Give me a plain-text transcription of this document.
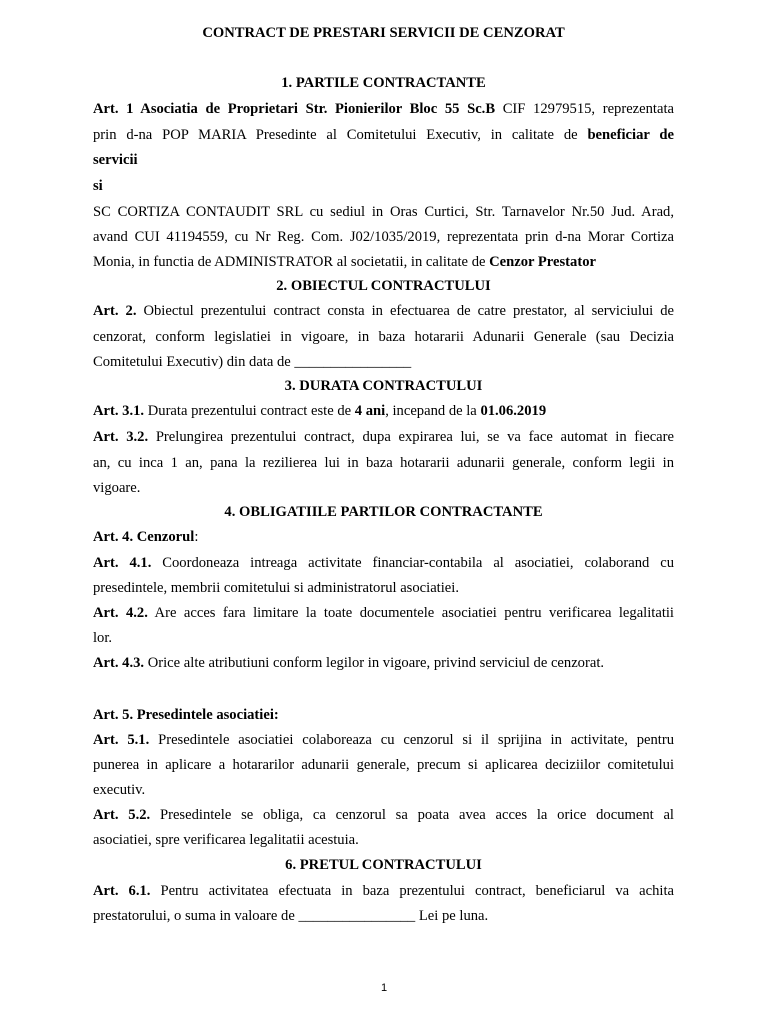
CONTRACT DE PRESTARI SERVICII DE CENZORAT
1. PARTILE CONTRACTANTE
Art. 1 Asociatia de Proprietari Str. Pionierilor Bloc 55 Sc.B CIF 12979515, reprezentata
prin d-na POP MARIA Presedinte al Comitetului Executiv, in calitate de beneficiar de
servicii
si
SC CORTIZA CONTAUDIT SRL cu sediul in Oras Curtici, Str. Tarnavelor Nr.50 Jud. Arad,
avand CUI 41194559, cu Nr Reg. Com. J02/1035/2019, reprezentata prin d-na Morar Cortiza
Monia, in functia de ADMINISTRATOR al societatii, in calitate de Cenzor Prestator
2. OBIECTUL CONTRACTULUI
Art. 2. Obiectul prezentului contract consta in efectuarea de catre prestator, al serviciului de
cenzorat, conform legislatiei in vigoare, in baza hotararii Adunarii Generale (sau Decizia
Comitetului Executiv) din data de ________________
3. DURATA CONTRACTULUI
Art. 3.1. Durata prezentului contract este de 4 ani, incepand de la 01.06.2019
Art. 3.2. Prelungirea prezentului contract, dupa expirarea lui, se va face automat in fiecare
an, cu inca 1 an, pana la rezilierea lui in baza hotararii adunarii generale, conform legii in
vigoare.
4. OBLIGATIILE PARTILOR CONTRACTANTE
Art. 4. Cenzorul:
Art. 4.1. Coordoneaza intreaga activitate financiar-contabila al asociatiei, colaborand cu
presedintele, membrii comitetului si administratorul asociatiei.
Art. 4.2. Are acces fara limitare la toate documentele asociatiei pentru verificarea legalitatii
lor.
Art. 4.3. Orice alte atributiuni conform legilor in vigoare, privind serviciul de cenzorat.
Art. 5. Presedintele asociatiei:
Art. 5.1. Presedintele asociatiei colaboreaza cu cenzorul si il sprijina in activitate, pentru
punerea in aplicare a hotararilor adunarii generale, precum si aplicarea deciziilor comitetului
executiv.
Art. 5.2. Presedintele se obliga, ca cenzorul sa poata avea acces la orice document al
asociatiei, spre verificarea legalitatii acestuia.
6. PRETUL CONTRACTULUI
Art. 6.1. Pentru activitatea efectuata in baza prezentului contract, beneficiarul va achita
prestatorului, o suma in valoare de ________________ Lei pe luna.
1
